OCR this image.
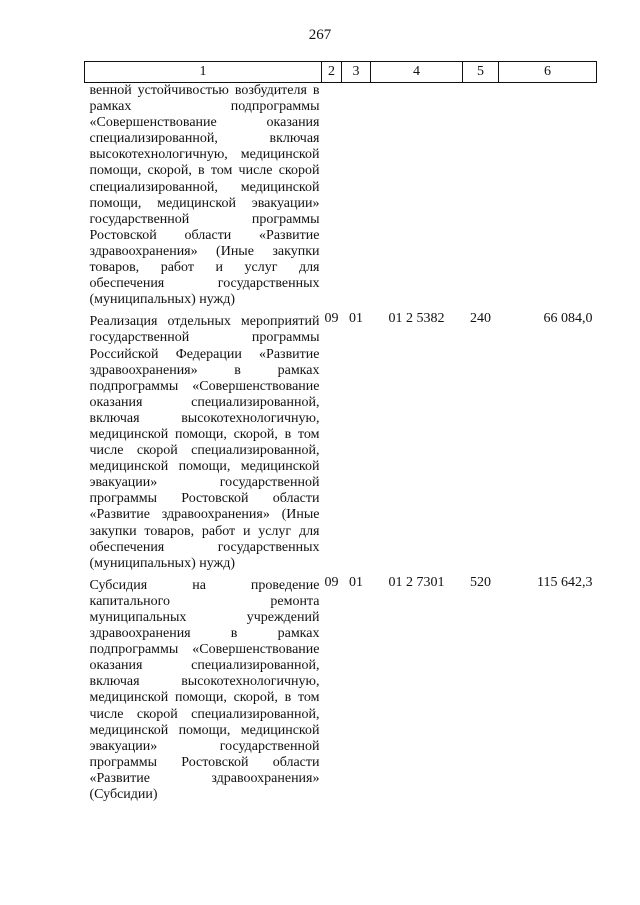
267
1	2	3	4	5	6
венной устойчивостью возбудителя в рамках подпрограммы «Совершенствование оказания специализированной, включая высокотехнологичную, медицинской помощи, скорой, в том числе скорой специализированной, медицинской помощи, медицинской эвакуации» государственной программы Ростовской области «Развитие здравоохранения» (Иные закупки товаров, работ и услуг для обеспечения государственных (муниципальных) нужд)					
Реализация отдельных мероприятий государственной программы Российской Федерации «Развитие здравоохранения» в рамках подпрограммы «Совершенствование оказания специализированной, включая высокотехнологичную, медицинской помощи, скорой, в том числе скорой специализированной, медицинской помощи, медицинской эвакуации» государственной программы Ростовской области «Развитие здравоохранения» (Иные закупки товаров, работ и услуг для обеспечения государственных (муниципальных) нужд)	09	01	01 2 5382	240	66 084,0
Субсидия на проведение капитального ремонта муниципальных учреждений здравоохранения в рамках подпрограммы «Совершенствование оказания специализированной, включая высокотехнологичную, медицинской помощи, скорой, в том числе скорой специализированной, медицинской помощи, медицинской эвакуации» государственной программы Ростовской области «Развитие здравоохранения» (Субсидии)	09	01	01 2 7301	520	115 642,3
